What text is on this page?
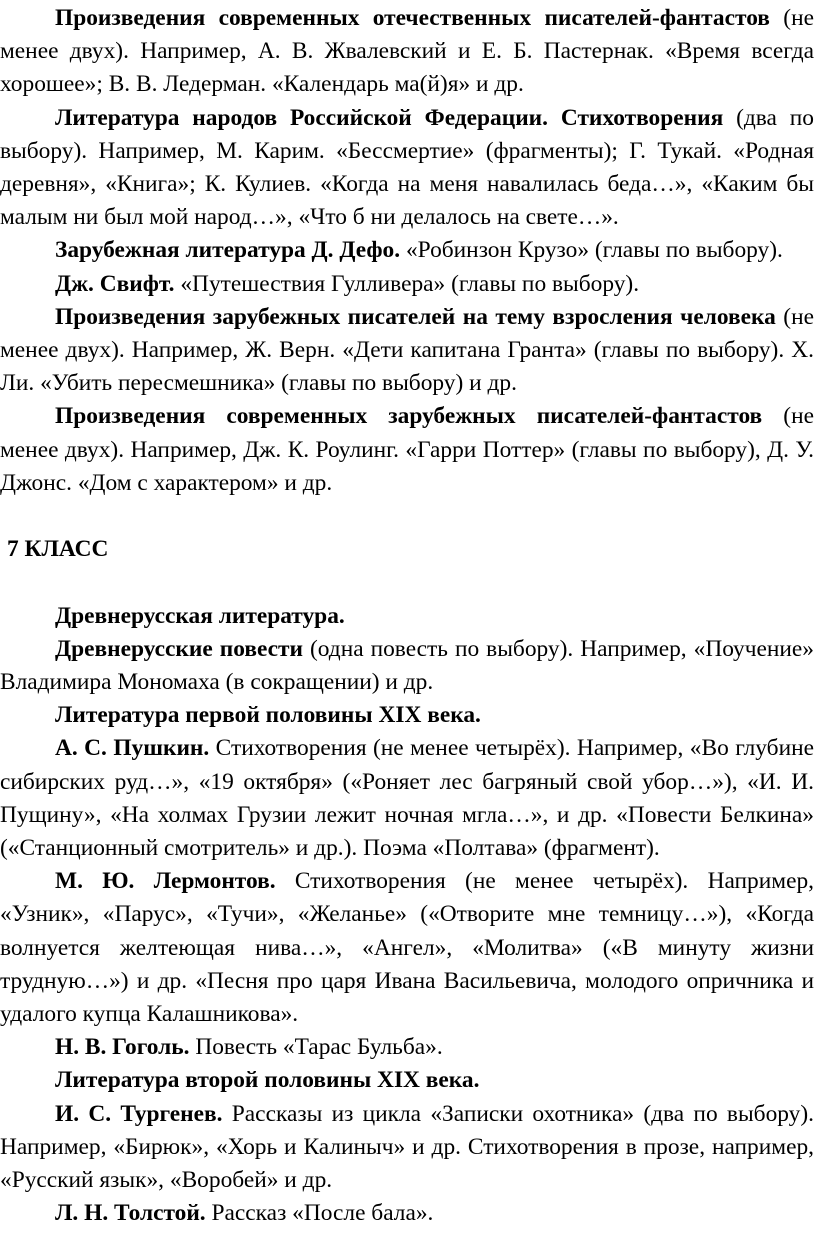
Произведения современных отечественных писателей-фантастов (не менее двух). Например, А. В. Жвалевский и Е. Б. Пастернак. «Время всегда хорошее»; В. В. Ледерман. «Календарь ма(й)я» и др.

Литература народов Российской Федерации. Стихотворения (два по выбору). Например, М. Карим. «Бессмертие» (фрагменты); Г. Тукай. «Родная деревня», «Книга»; К. Кулиев. «Когда на меня навалилась беда…», «Каким бы малым ни был мой народ…», «Что б ни делалось на свете…».

Зарубежная литература Д. Дефо. «Робинзон Крузо» (главы по выбору).

Дж. Свифт. «Путешествия Гулливера» (главы по выбору).

Произведения зарубежных писателей на тему взросления человека (не менее двух). Например, Ж. Верн. «Дети капитана Гранта» (главы по выбору). Х. Ли. «Убить пересмешника» (главы по выбору) и др.

Произведения современных зарубежных писателей-фантастов (не менее двух). Например, Дж. К. Роулинг. «Гарри Поттер» (главы по выбору), Д. У. Джонс. «Дом с характером» и др.

7 КЛАСС

Древнерусская литература.

Древнерусские повести (одна повесть по выбору). Например, «Поучение» Владимира Мономаха (в сокращении) и др.

Литература первой половины XIX века.

А. С. Пушкин. Стихотворения (не менее четырёх). Например, «Во глубине сибирских руд…», «19 октября» («Роняет лес багряный свой убор…»), «И. И. Пущину», «На холмах Грузии лежит ночная мгла…», и др. «Повести Белкина» («Станционный смотритель» и др.). Поэма «Полтава» (фрагмент).

М. Ю. Лермонтов. Стихотворения (не менее четырёх). Например, «Узник», «Парус», «Тучи», «Желанье» («Отворите мне темницу…»), «Когда волнуется желтеющая нива…», «Ангел», «Молитва» («В минуту жизни трудную…») и др. «Песня про царя Ивана Васильевича, молодого опричника и удалого купца Калашникова».

Н. В. Гоголь. Повесть «Тарас Бульба».

Литература второй половины XIX века.

И. С. Тургенев. Рассказы из цикла «Записки охотника» (два по выбору). Например, «Бирюк», «Хорь и Калиныч» и др. Стихотворения в прозе, например, «Русский язык», «Воробей» и др.

Л. Н. Толстой. Рассказ «После бала».
